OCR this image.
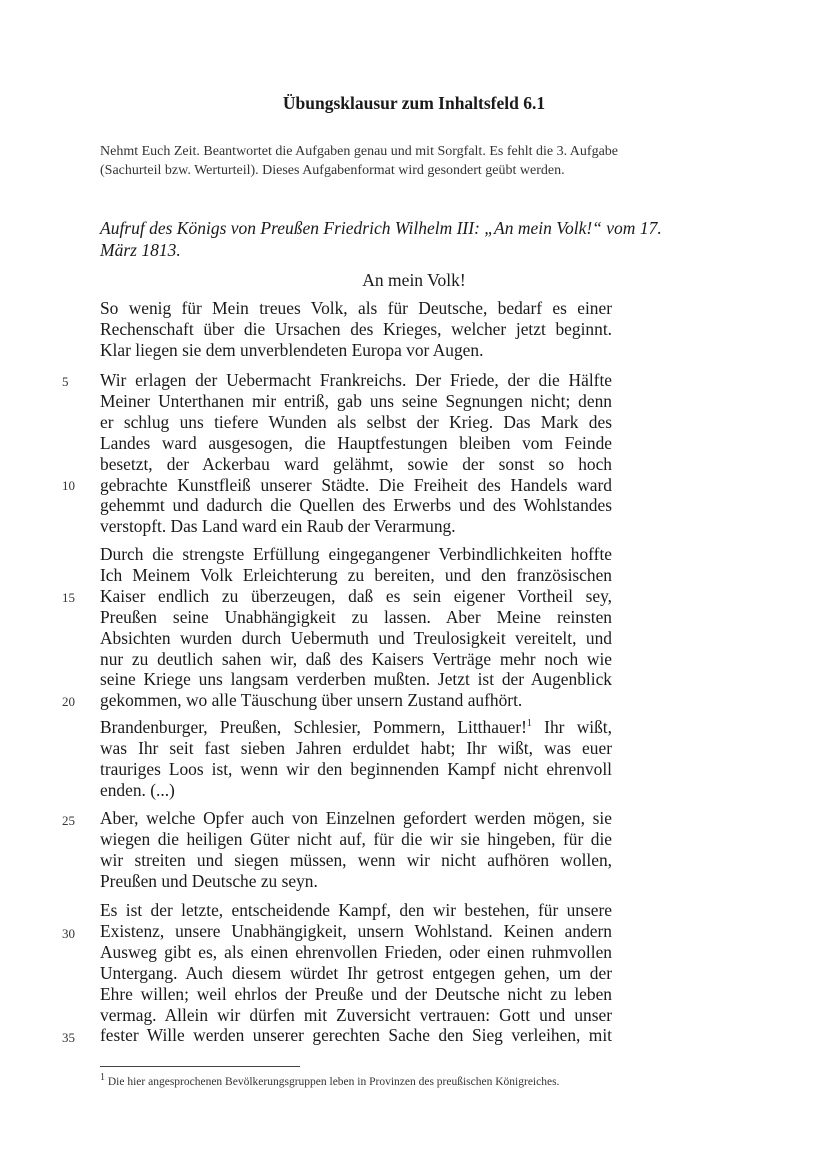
Übungsklausur zum Inhaltsfeld 6.1
Nehmt Euch Zeit. Beantwortet die Aufgaben genau und mit Sorgfalt. Es fehlt die 3. Aufgabe (Sachurteil bzw. Werturteil). Dieses Aufgabenformat wird gesondert geübt werden.
Aufruf des Königs von Preußen Friedrich Wilhelm III: „An mein Volk!“ vom 17. März 1813.
An mein Volk!
So wenig für Mein treues Volk, als für Deutsche, bedarf es einer
Rechenschaft über die Ursachen des Krieges, welcher jetzt beginnt.
Klar liegen sie dem unverblendeten Europa vor Augen.
Wir erlagen der Uebermacht Frankreichs. Der Friede, der die Hälfte
Meiner Unterthanen mir entriß, gab uns seine Segnungen nicht; denn
er schlug uns tiefere Wunden als selbst der Krieg. Das Mark des
Landes ward ausgesogen, die Hauptfestungen bleiben vom Feinde
besetzt, der Ackerbau ward gelähmt, sowie der sonst so hoch
gebrachte Kunstfleiß unserer Städte. Die Freiheit des Handels ward
gehemmt und dadurch die Quellen des Erwerbs und des Wohlstandes
verstopft. Das Land ward ein Raub der Verarmung.
Durch die strengste Erfüllung eingegangener Verbindlichkeiten hoffte
Ich Meinem Volk Erleichterung zu bereiten, und den französischen
Kaiser endlich zu überzeugen, daß es sein eigener Vortheil sey,
Preußen seine Unabhängigkeit zu lassen. Aber Meine reinsten
Absichten wurden durch Uebermuth und Treulosigkeit vereitelt, und
nur zu deutlich sahen wir, daß des Kaisers Verträge mehr noch wie
seine Kriege uns langsam verderben mußten. Jetzt ist der Augenblick
gekommen, wo alle Täuschung über unsern Zustand aufhört.
Brandenburger, Preußen, Schlesier, Pommern, Litthauer!$^1$ Ihr wißt,
was Ihr seit fast sieben Jahren erduldet habt; Ihr wißt, was euer
trauriges Loos ist, wenn wir den beginnenden Kampf nicht ehrenvoll
enden. (...)
Aber, welche Opfer auch von Einzelnen gefordert werden mögen, sie
wiegen die heiligen Güter nicht auf, für die wir sie hingeben, für die
wir streiten und siegen müssen, wenn wir nicht aufhören wollen,
Preußen und Deutsche zu seyn.
Es ist der letzte, entscheidende Kampf, den wir bestehen, für unsere
Existenz, unsere Unabhängigkeit, unsern Wohlstand. Keinen andern
Ausweg gibt es, als einen ehrenvollen Frieden, oder einen ruhmvollen
Untergang. Auch diesem würdet Ihr getrost entgegen gehen, um der
Ehre willen; weil ehrlos der Preuße und der Deutsche nicht zu leben
vermag. Allein wir dürfen mit Zuversicht vertrauen: Gott und unser
fester Wille werden unserer gerechten Sache den Sieg verleihen, mit
5
10
15
20
25
30
35
$^1$ Die hier angesprochenen Bevölkerungsgruppen leben in Provinzen des preußischen Königreiches.
